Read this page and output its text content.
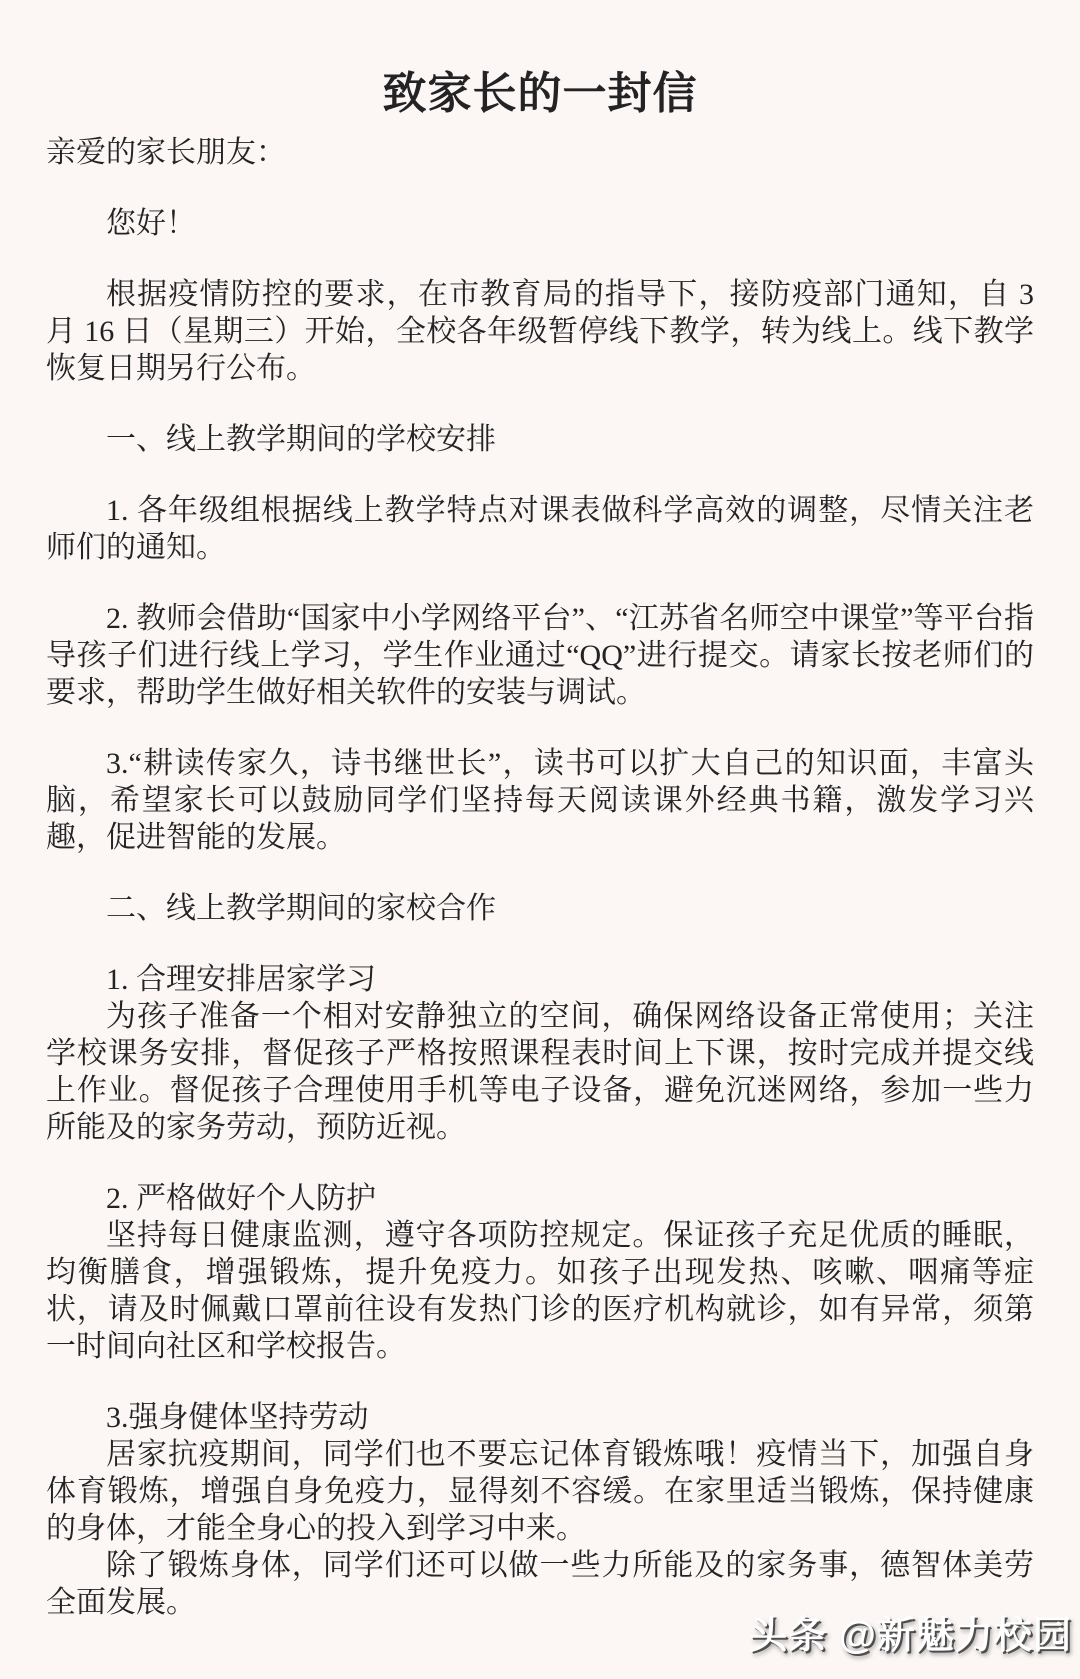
致家长的一封信

亲爱的家长朋友：

您好！

根据疫情防控的要求，在市教育局的指导下，接防疫部门通知，自 3 月 16 日（星期三）开始，全校各年级暂停线下教学，转为线上。线下教学恢复日期另行公布。

一、线上教学期间的学校安排

1. 各年级组根据线上教学特点对课表做科学高效的调整，尽情关注老师们的通知。

2. 教师会借助“国家中小学网络平台”、“江苏省名师空中课堂”等平台指导孩子们进行线上学习，学生作业通过“QQ”进行提交。请家长按老师们的要求，帮助学生做好相关软件的安装与调试。

3.“耕读传家久，诗书继世长”，读书可以扩大自己的知识面，丰富头脑，希望家长可以鼓励同学们坚持每天阅读课外经典书籍，激发学习兴趣，促进智能的发展。

二、线上教学期间的家校合作

1. 合理安排居家学习

为孩子准备一个相对安静独立的空间，确保网络设备正常使用；关注学校课务安排，督促孩子严格按照课程表时间上下课，按时完成并提交线上作业。督促孩子合理使用手机等电子设备，避免沉迷网络，参加一些力所能及的家务劳动，预防近视。

2. 严格做好个人防护

坚持每日健康监测，遵守各项防控规定。保证孩子充足优质的睡眠，均衡膳食，增强锻炼，提升免疫力。如孩子出现发热、咳嗽、咽痛等症状，请及时佩戴口罩前往设有发热门诊的医疗机构就诊，如有异常，须第一时间向社区和学校报告。

3.强身健体坚持劳动

居家抗疫期间，同学们也不要忘记体育锻炼哦！疫情当下，加强自身体育锻炼，增强自身免疫力，显得刻不容缓。在家里适当锻炼，保持健康的身体，才能全身心的投入到学习中来。

除了锻炼身体，同学们还可以做一些力所能及的家务事，德智体美劳全面发展。

头条 @新魅力校园
